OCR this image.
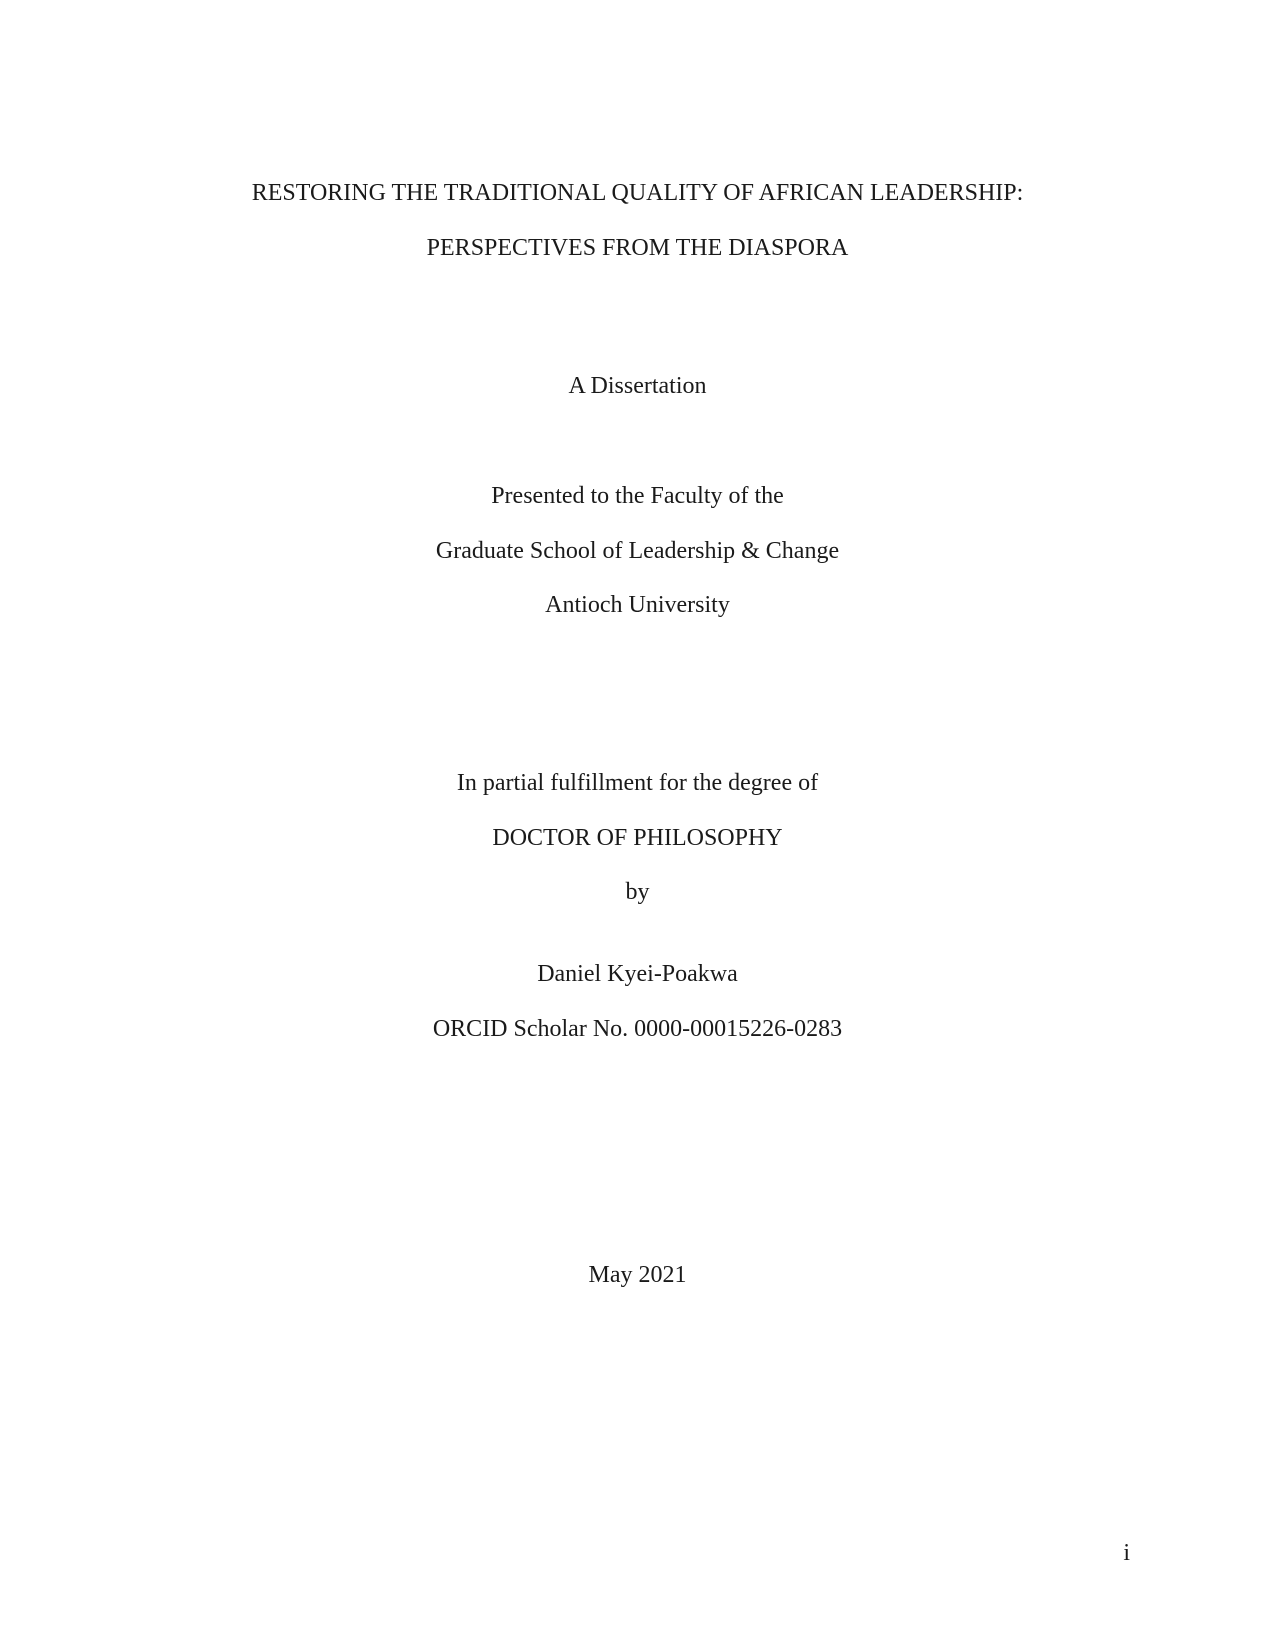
RESTORING THE TRADITIONAL QUALITY OF AFRICAN LEADERSHIP:
PERSPECTIVES FROM THE DIASPORA
A Dissertation
Presented to the Faculty of the
Graduate School of Leadership & Change
Antioch University
In partial fulfillment for the degree of
DOCTOR OF PHILOSOPHY
by
Daniel Kyei-Poakwa
ORCID Scholar No. 0000-00015226-0283
May 2021
i
